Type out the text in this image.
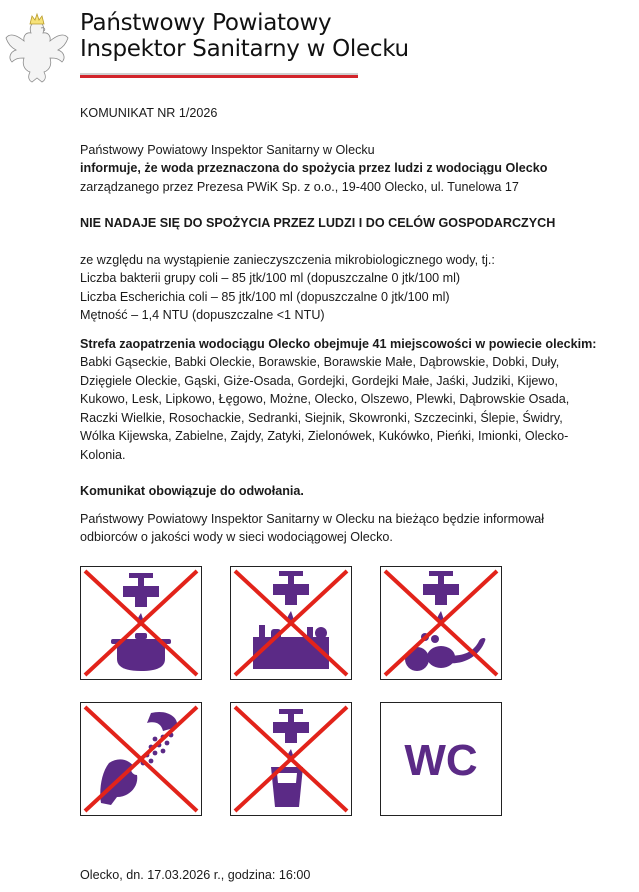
Państwowy Powiatowy
Inspektor Sanitarny w Olecku

KOMUNIKAT NR 1/2026

Państwowy Powiatowy Inspektor Sanitarny w Olecku

informuje, że woda przeznaczona do spożycia przez ludzi z wodociągu Olecko

zarządzanego przez Prezesa PWiK Sp. z o.o., 19-400 Olecko, ul. Tunelowa 17

NIE NADAJE SIĘ DO SPOŻYCIA PRZEZ LUDZI I DO CELÓW GOSPODARCZYCH

ze względu na wystąpienie zanieczyszczenia mikrobiologicznego wody, tj.:

Liczba bakterii grupy coli – 85 jtk/100 ml (dopuszczalne 0 jtk/100 ml)

Liczba Escherichia coli – 85 jtk/100 ml (dopuszczalne 0 jtk/100 ml)

Mętność – 1,4 NTU (dopuszczalne <1 NTU)

Strefa zaopatrzenia wodociągu Olecko obejmuje 41 miejscowości w powiecie oleckim:

Babki Gąseckie, Babki Oleckie, Borawskie, Borawskie Małe, Dąbrowskie, Dobki, Duły, Dzięgiele Oleckie, Gąski, Giże-Osada, Gordejki, Gordejki Małe, Jaśki, Judziki, Kijewo, Kukowo, Lesk, Lipkowo, Łęgowo, Możne, Olecko, Olszewo, Plewki, Dąbrowskie Osada, Raczki Wielkie, Rosochackie, Sedranki, Siejnik, Skowronki, Szczecinki, Ślepie, Świdry, Wólka Kijewska, Zabielne, Zajdy, Zatyki, Zielonówek, Kukówko, Pieńki, Imionki, Olecko-Kolonia.

Komunikat obowiązuje do odwołania.

Państwowy Powiatowy Inspektor Sanitarny w Olecku na bieżąco będzie informował odbiorców o jakości wody w sieci wodociągowej Olecko.

WC
Olecko, dn. 17.03.2026 r., godzina: 16:00
